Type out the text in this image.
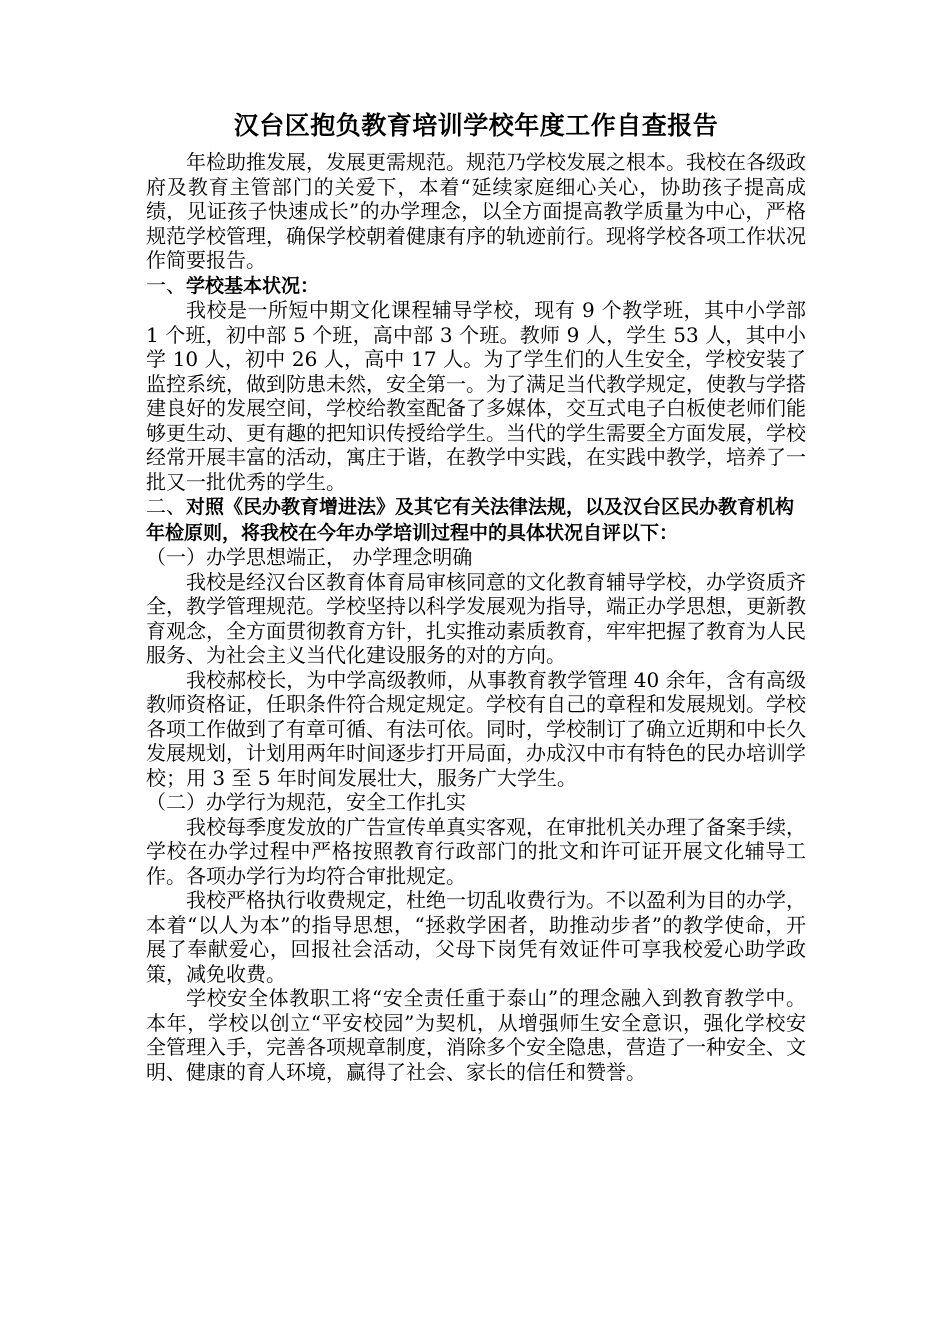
汉台区抱负教育培训学校年度工作自查报告

年检助推发展，发展更需规范。规范乃学校发展之根本。我校在各级政府及教育主管部门的关爱下，本着“延续家庭细心关心，协助孩子提高成绩，见证孩子快速成长”的办学理念，以全方面提高教学质量为中心，严格规范学校管理，确保学校朝着健康有序的轨迹前行。现将学校各项工作状况作简要报告。

一、学校基本状况：

我校是一所短中期文化课程辅导学校，现有 9 个教学班，其中小学部 1 个班，初中部 5 个班，高中部 3 个班。教师 9 人，学生 53 人，其中小学 10 人，初中 26 人，高中 17 人。为了学生们的人生安全，学校安装了监控系统，做到防患未然，安全第一。为了满足当代教学规定，使教与学搭建良好的发展空间，学校给教室配备了多媒体，交互式电子白板使老师们能够更生动、更有趣的把知识传授给学生。当代的学生需要全方面发展，学校经常开展丰富的活动，寓庄于谐，在教学中实践，在实践中教学，培养了一批又一批优秀的学生。

二、对照《民办教育增进法》及其它有关法律法规，以及汉台区民办教育机构年检原则，将我校在今年办学培训过程中的具体状况自评以下：

（一）办学思想端正， 办学理念明确

我校是经汉台区教育体育局审核同意的文化教育辅导学校，办学资质齐全，教学管理规范。学校坚持以科学发展观为指导，端正办学思想，更新教育观念，全方面贯彻教育方针，扎实推动素质教育，牢牢把握了教育为人民服务、为社会主义当代化建设服务的对的方向。

我校郝校长，为中学高级教师，从事教育教学管理 40 余年，含有高级教师资格证，任职条件符合规定规定。学校有自己的章程和发展规划。学校各项工作做到了有章可循、有法可依。同时，学校制订了确立近期和中长久发展规划，计划用两年时间逐步打开局面，办成汉中市有特色的民办培训学校；用 3 至 5 年时间发展壮大，服务广大学生。

（二）办学行为规范，安全工作扎实

我校每季度发放的广告宣传单真实客观，在审批机关办理了备案手续，学校在办学过程中严格按照教育行政部门的批文和许可证开展文化辅导工作。各项办学行为均符合审批规定。

我校严格执行收费规定，杜绝一切乱收费行为。不以盈利为目的办学，本着“以人为本”的指导思想，“拯救学困者，助推动步者”的教学使命，开展了奉献爱心，回报社会活动，父母下岗凭有效证件可享我校爱心助学政策，减免收费。

学校安全体教职工将“安全责任重于泰山”的理念融入到教育教学中。本年，学校以创立“平安校园”为契机，从增强师生安全意识，强化学校安全管理入手，完善各项规章制度，消除多个安全隐患，营造了一种安全、文明、健康的育人环境，赢得了社会、家长的信任和赞誉。
